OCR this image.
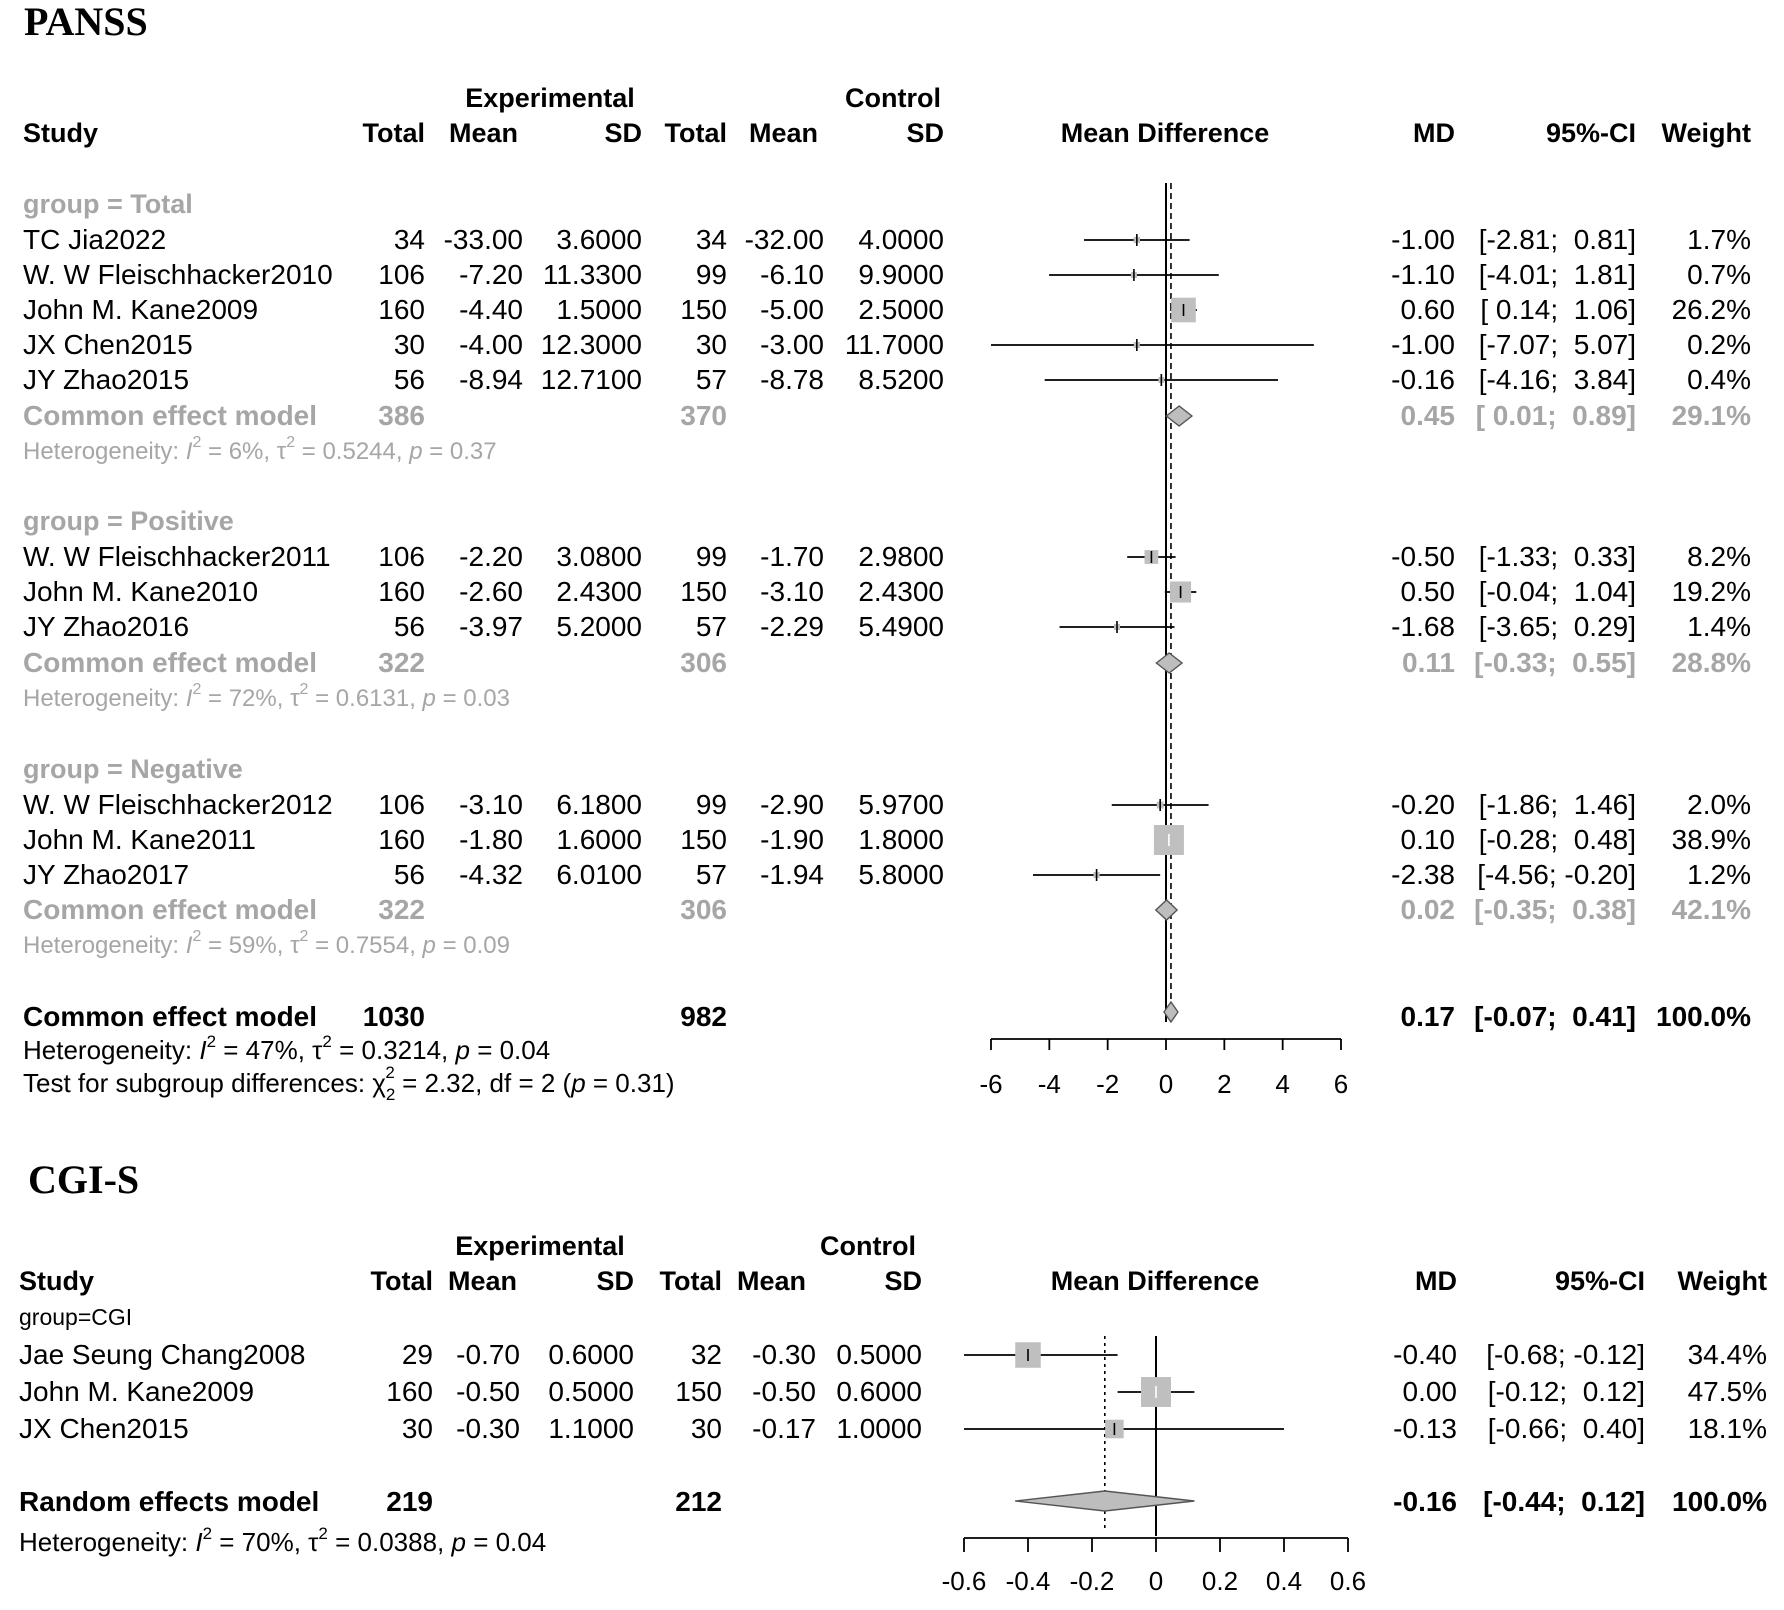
PANSS
Experimental	Control
Study	Total Mean	SD Total Mean	SD	Mean Difference	MD	95%-CI Weight
group = Total
TC Jia2022	34 -33.00 3.6000 34 -32.00 4.0000	-1.00 [-2.81;  0.81] 1.7%
W. W Fleischhacker2010 106 -7.20 11.3300 99 -6.10 9.9000	-1.10 [-4.01;  1.81] 0.7%
John M. Kane2009	160 -4.40 1.5000 150 -5.00 2.5000	0.60 [ 0.14;  1.06] 26.2%
JX Chen2015	30 -4.00 12.3000 30 -3.00 11.7000	-1.00 [-7.07;  5.07] 0.2%
JY Zhao2015	56 -8.94 12.7100 57 -8.78 8.5200	-0.16 [-4.16;  3.84] 0.4%
Common effect model 386	370	0.45 [ 0.01;  0.89] 29.1%
Heterogeneity: $I^2 = 6\%$, $\tau^2 = 0.5244$, p = 0.37
group = Positive
W. W Fleischhacker2011 106 -2.20 3.0800 99 -1.70 2.9800	-0.50 [-1.33;  0.33] 8.2%
John M. Kane2010	160 -2.60 2.4300 150 -3.10 2.4300	0.50 [-0.04;  1.04] 19.2%
JY Zhao2016	56 -3.97 5.2000 57 -2.29 5.4900	-1.68 [-3.65;  0.29] 1.4%
Common effect model 322	306	0.11 [-0.33;  0.55] 28.8%
Heterogeneity: $I^2 = 72\%$, $\tau^2 = 0.6131$, p = 0.03
group = Negative
W. W Fleischhacker2012 106 -3.10 6.1800 99 -2.90 5.9700	-0.20 [-1.86;  1.46] 2.0%
John M. Kane2011	160 -1.80 1.6000 150 -1.90 1.8000	0.10 [-0.28;  0.48] 38.9%
JY Zhao2017	56 -4.32 6.0100 57 -1.94 5.8000	-2.38 [-4.56; -0.20] 1.2%
Common effect model 322	306	0.02 [-0.35;  0.38] 42.1%
Heterogeneity: $I^2 = 59\%$, $\tau^2 = 0.7554$, p = 0.09
Common effect model 1030	982	0.17 [-0.07;  0.41] 100.0%
Heterogeneity: $I^2 = 47\%$, $\tau^2 = 0.3214$, p = 0.04
Test for subgroup differences: $\chi_22 = 2.32$, df = 2 (p = 0.31)	-6 -4 -2 0 2 4 6
CGI-S
Experimental	Control
Study	Total Mean	SD Total Mean	SD	Mean Difference	MD	95%-CI Weight
group=CGI
Jae Seung Chang2008	29 -0.70 0.6000 32 -0.30 0.5000	-0.40 [-0.68; -0.12] 34.4%
John M. Kane2009	160 -0.50 0.5000 150 -0.50 0.6000	0.00 [-0.12;  0.12] 47.5%
JX Chen2015	30 -0.30 1.1000 30 -0.17 1.0000	-0.13 [-0.66;  0.40] 18.1%
Random effects model 219	212	-0.16 [-0.44;  0.12] 100.0%
Heterogeneity: $I^2 = 70\%$, $\tau^2 = 0.0388$, p = 0.04
-0.6 -0.4 -0.2 0 0.2 0.4 0.6
